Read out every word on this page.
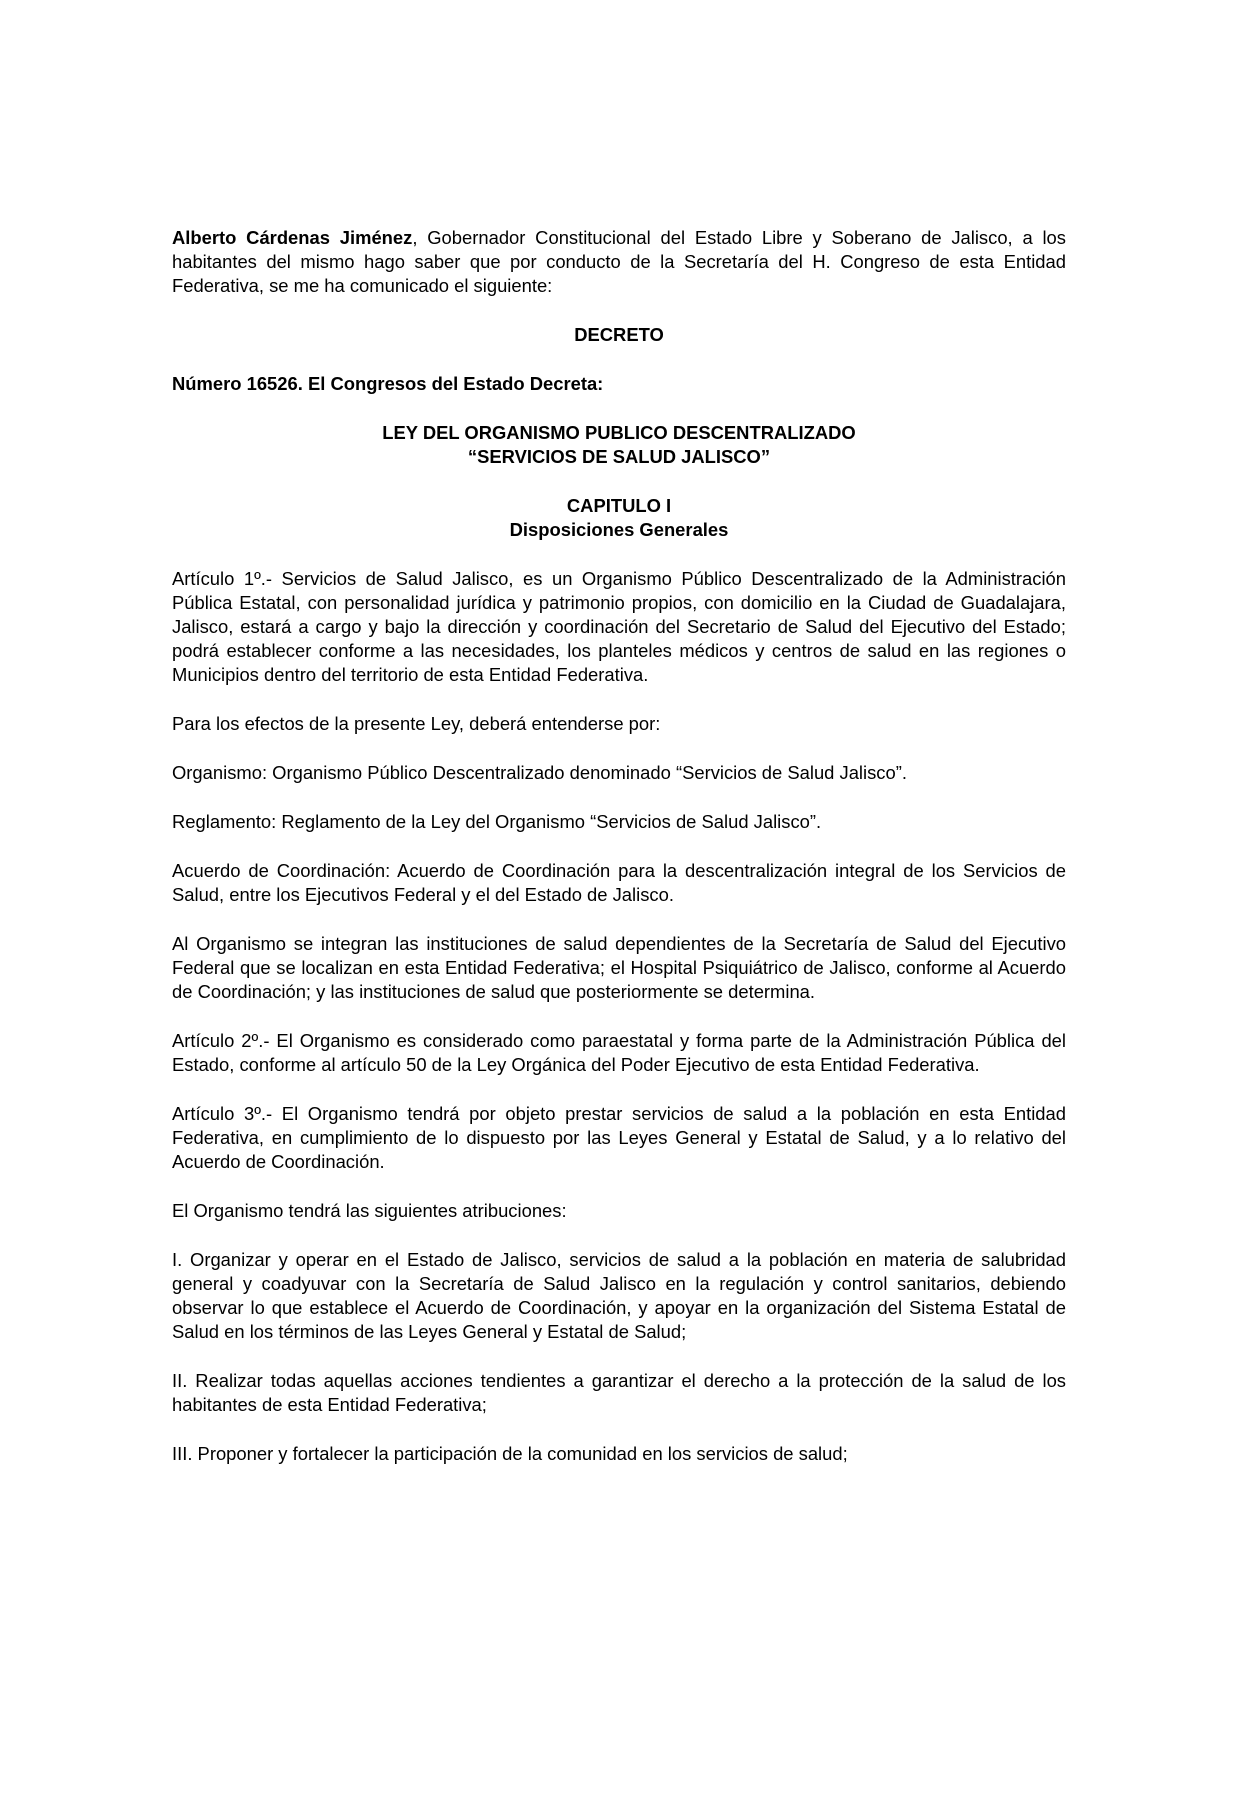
Alberto Cárdenas Jiménez, Gobernador Constitucional del Estado Libre y Soberano de Jalisco, a los habitantes del mismo hago saber que por conducto de la Secretaría del H. Congreso de esta Entidad Federativa, se me ha comunicado el siguiente:

DECRETO

Número 16526. El Congresos del Estado Decreta:

LEY DEL ORGANISMO PUBLICO DESCENTRALIZADO
“SERVICIOS DE SALUD JALISCO”
CAPITULO I
Disposiciones Generales

Artículo 1º.- Servicios de Salud Jalisco, es un Organismo Público Descentralizado de la Administración Pública Estatal, con personalidad jurídica y patrimonio propios, con domicilio en la Ciudad de Guadalajara, Jalisco, estará a cargo y bajo la dirección y coordinación del Secretario de Salud del Ejecutivo del Estado; podrá establecer conforme a las necesidades, los planteles médicos y centros de salud en las regiones o Municipios dentro del territorio de esta Entidad Federativa.

Para los efectos de la presente Ley, deberá entenderse por:

Organismo: Organismo Público Descentralizado denominado “Servicios de Salud Jalisco”.

Reglamento: Reglamento de la Ley del Organismo “Servicios de Salud Jalisco”.

Acuerdo de Coordinación: Acuerdo de Coordinación para la descentralización integral de los Servicios de Salud, entre los Ejecutivos Federal y el del Estado de Jalisco.

Al Organismo se integran las instituciones de salud dependientes de la Secretaría de Salud del Ejecutivo Federal que se localizan en esta Entidad Federativa; el Hospital Psiquiátrico de Jalisco, conforme al Acuerdo de Coordinación; y las instituciones de salud que posteriormente se determina.

Artículo 2º.- El Organismo es considerado como paraestatal y forma parte de la Administración Pública del Estado, conforme al artículo 50 de la Ley Orgánica del Poder Ejecutivo de esta Entidad Federativa.

Artículo 3º.- El Organismo tendrá por objeto prestar servicios de salud a la población en esta Entidad Federativa, en cumplimiento de lo dispuesto por las Leyes General y Estatal de Salud, y a lo relativo del Acuerdo de Coordinación.

El Organismo tendrá las siguientes atribuciones:

I. Organizar y operar en el Estado de Jalisco, servicios de salud a la población en materia de salubridad general y coadyuvar con la Secretaría de Salud Jalisco en la regulación y control sanitarios, debiendo observar lo que establece el Acuerdo de Coordinación, y apoyar en la organización del Sistema Estatal de Salud en los términos de las Leyes General y Estatal de Salud;

II. Realizar todas aquellas acciones tendientes a garantizar el derecho a la protección de la salud de los habitantes de esta Entidad Federativa;

III. Proponer y fortalecer la participación de la comunidad en los servicios de salud;
